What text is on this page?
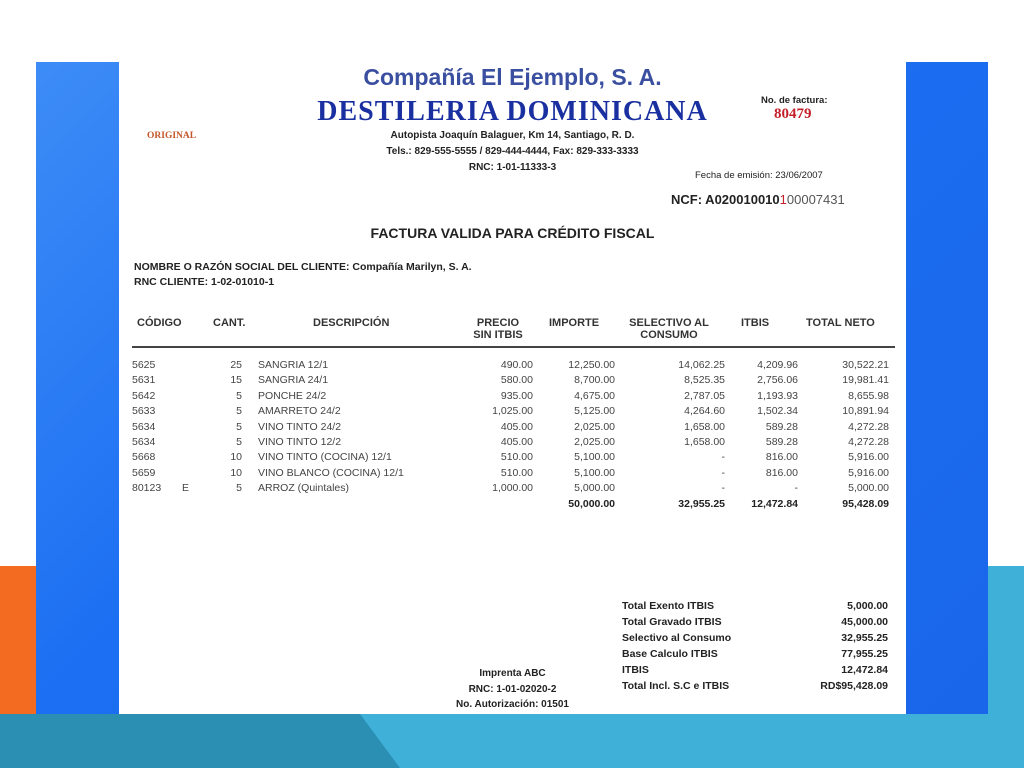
Compañía El Ejemplo, S. A.
DESTILERIA DOMINICANA
ORIGINAL	Autopista Joaquín Balaguer, Km 14, Santiago, R. D.
Tels.: 829-555-5555 / 829-444-4444, Fax: 829-333-3333
RNC: 1-01-11333-3
No. de factura:
80479
Fecha de emisión: 23/06/2007
NCF: A020010010100007431
FACTURA VALIDA PARA CRÉDITO FISCAL
NOMBRE O RAZÓN SOCIAL DEL CLIENTE: Compañía Marilyn, S. A.
RNC CLIENTE: 1-02-01010-1
CÓDIGO	CANT.	DESCRIPCIÓN	PRECIO
SIN ITBIS
IMPORTE	SELECTIVO AL
CONSUMO
ITBIS	TOTAL NETO
5625		25		SANGRIA 12/1	490.00	12,250.00	14,062.25	4,209.96	30,522.21
5631		15		SANGRIA 24/1	580.00	8,700.00	8,525.35	2,756.06	19,981.41
5642		5		PONCHE 24/2	935.00	4,675.00	2,787.05	1,193.93	8,655.98
5633		5		AMARRETO 24/2	1,025.00	5,125.00	4,264.60	1,502.34	10,891.94
5634		5		VINO TINTO 24/2	405.00	2,025.00	1,658.00	589.28	4,272.28
5634		5		VINO TINTO 12/2	405.00	2,025.00	1,658.00	589.28	4,272.28
5668		10		VINO TINTO (COCINA) 12/1	510.00	5,100.00	-	816.00	5,916.00
5659		10		VINO BLANCO (COCINA) 12/1	510.00	5,100.00	-	816.00	5,916.00
80123	E	5		ARROZ (Quintales)	1,000.00	5,000.00	-	-	5,000.00
						50,000.00	32,955.25	12,472.84	95,428.09
Total Exento ITBIS	5,000.00
Total Gravado ITBIS	45,000.00
Selectivo al Consumo	32,955.25
Base Calculo ITBIS	77,955.25
ITBIS	12,472.84
Total Incl. S.C e ITBIS	RD$95,428.09
Imprenta ABC
RNC: 1-01-02020-2
No. Autorización: 01501
